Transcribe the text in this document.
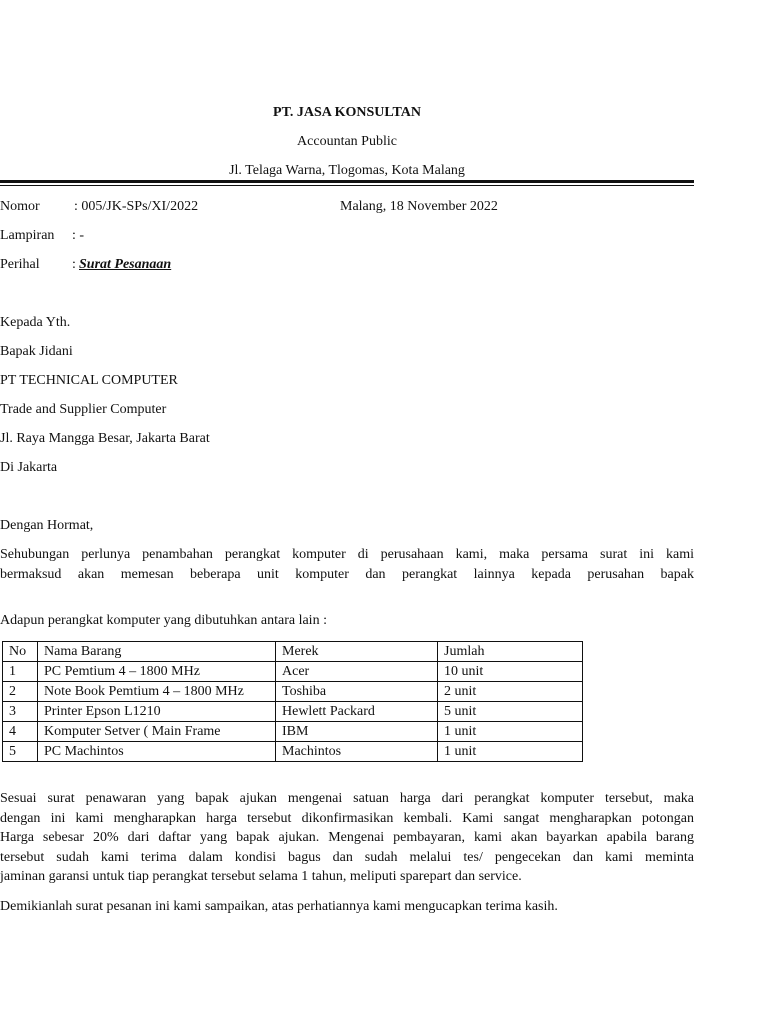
PT. JASA KONSULTAN
Accountan Public
Jl. Telaga Warna, Tlogomas, Kota Malang
Nomor : 005/JK-SPs/XI/2022	Malang, 18 November 2022
Lampiran : -
Perihal : Surat Pesanaan
Kepada Yth.
Bapak Jidani
PT TECHNICAL COMPUTER
Trade and Supplier Computer
Jl. Raya Mangga Besar, Jakarta Barat
Di Jakarta
Dengan Hormat,
Sehubungan perlunya penambahan perangkat komputer di perusahaan kami, maka persama surat ini kami
bermaksud akan memesan beberapa unit komputer dan perangkat lainnya kepada perusahan bapak
Adapun perangkat komputer yang dibutuhkan antara lain :
No	Nama Barang	Merek	Jumlah
1	PC Pemtium 4 – 1800 MHz	Acer	10 unit
2	Note Book Pemtium 4 – 1800 MHz	Toshiba	2 unit
3	Printer Epson L1210	Hewlett Packard	5 unit
4	Komputer Setver ( Main Frame	IBM	1 unit
5	PC Machintos	Machintos	1 unit
Sesuai surat penawaran yang bapak ajukan mengenai satuan harga dari perangkat komputer tersebut, maka
dengan ini kami mengharapkan harga tersebut dikonfirmasikan kembali. Kami sangat mengharapkan potongan
Harga sebesar 20% dari daftar yang bapak ajukan. Mengenai pembayaran, kami akan bayarkan apabila barang
tersebut sudah kami terima dalam kondisi bagus dan sudah melalui tes/ pengecekan dan kami meminta
jaminan garansi untuk tiap perangkat tersebut selama 1 tahun, meliputi sparepart dan service.
Demikianlah surat pesanan ini kami sampaikan, atas perhatiannya kami mengucapkan terima kasih.
